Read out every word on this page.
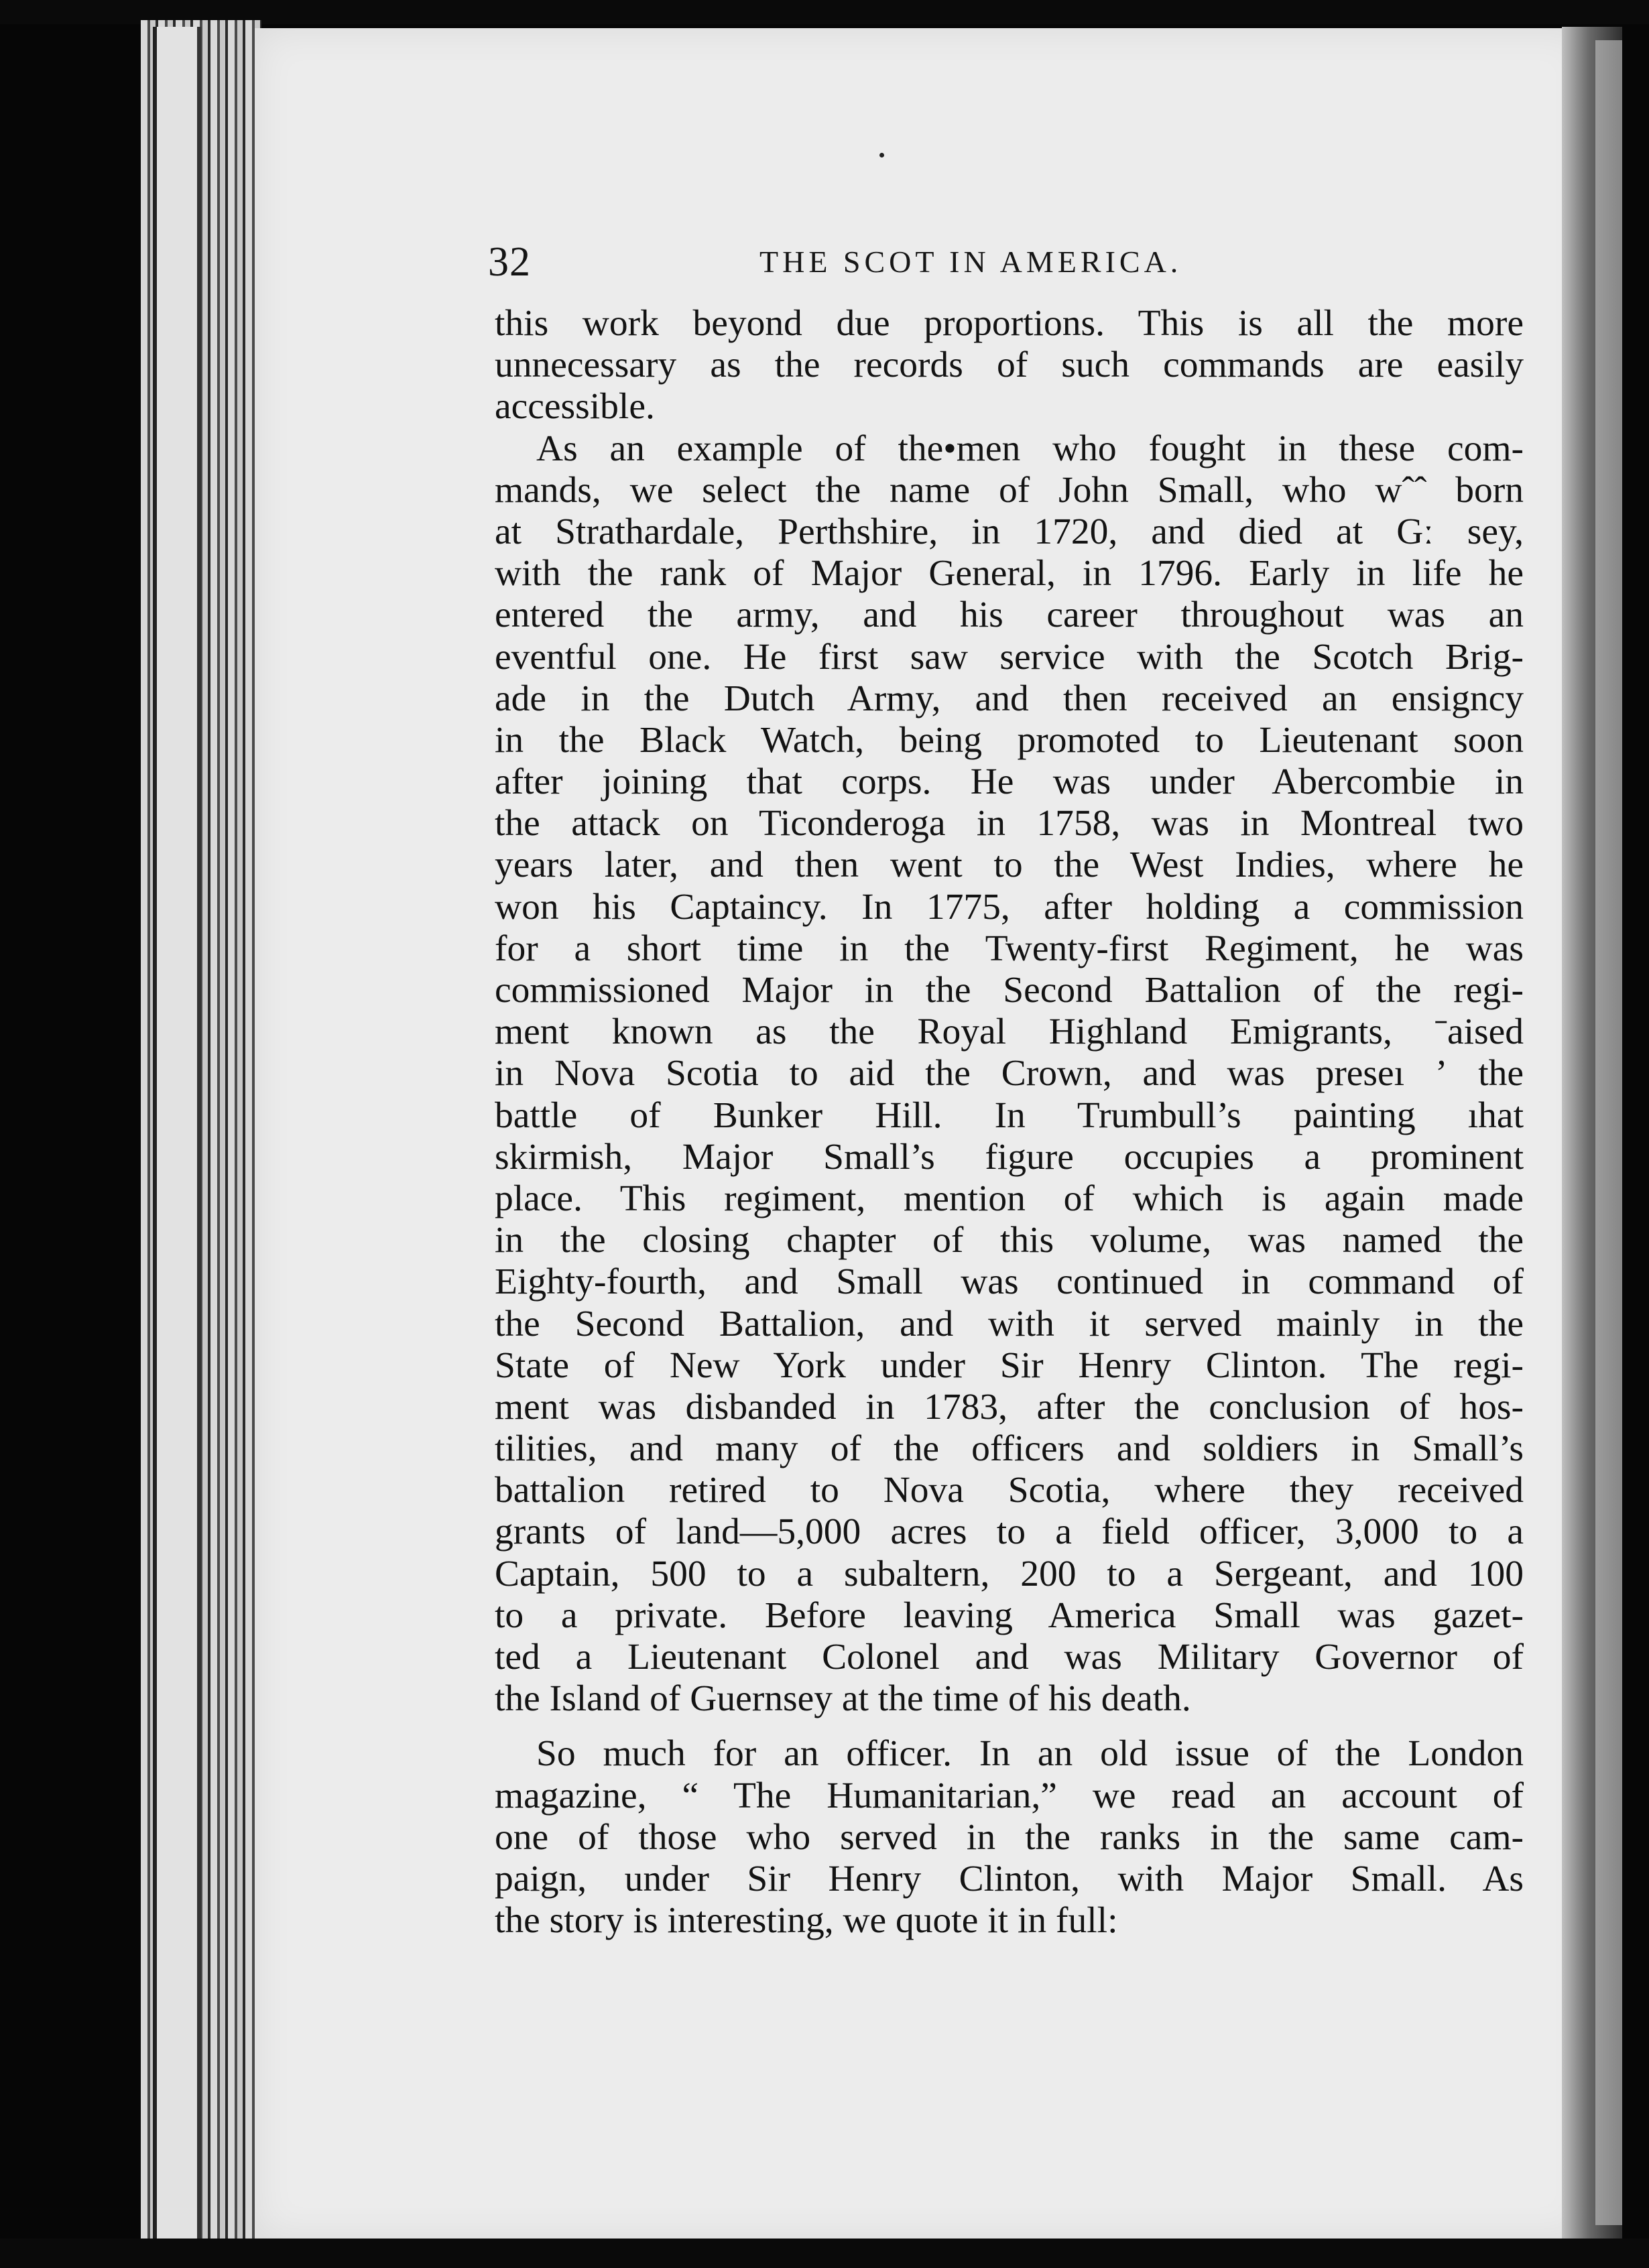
32	THE SCOT IN AMERICA.
this work beyond due proportions. This is all the more
unnecessary as the records of such commands are easily
accessible.
As an example of the•men who fought in these com-
mands, we select the name of John Small, who wˆˆ born
at Strathardale, Perthshire, in 1720, and died at Gː sey,
with the rank of Major General, in 1796. Early in life he
entered the army, and his career throughout was an
eventful one. He first saw service with the Scotch Brig-
ade in the Dutch Army, and then received an ensigncy
in the Black Watch, being promoted to Lieutenant soon
after joining that corps. He was under Abercombie in
the attack on Ticonderoga in 1758, was in Montreal two
years later, and then went to the West Indies, where he
won his Captaincy. In 1775, after holding a commission
for a short time in the Twenty-first Regiment, he was
commissioned Major in the Second Battalion of the regi-
ment known as the Royal Highland Emigrants, ˉaised
in Nova Scotia to aid the Crown, and was preseı ʼ the
battle of Bunker Hill. In Trumbull’s painting ıhat
skirmish, Major Small’s figure occupies a prominent
place. This regiment, mention of which is again made
in the closing chapter of this volume, was named the
Eighty-fourth, and Small was continued in command of
the Second Battalion, and with it served mainly in the
State of New York under Sir Henry Clinton. The regi-
ment was disbanded in 1783, after the conclusion of hos-
tilities, and many of the officers and soldiers in Small’s
battalion retired to Nova Scotia, where they received
grants of land—5,000 acres to a field officer, 3,000 to a
Captain, 500 to a subaltern, 200 to a Sergeant, and 100
to a private. Before leaving America Small was gazet-
ted a Lieutenant Colonel and was Military Governor of
the Island of Guernsey at the time of his death.
So much for an officer. In an old issue of the London
magazine, “ The Humanitarian,” we read an account of
one of those who served in the ranks in the same cam-
paign, under Sir Henry Clinton, with Major Small. As
the story is interesting, we quote it in full:
